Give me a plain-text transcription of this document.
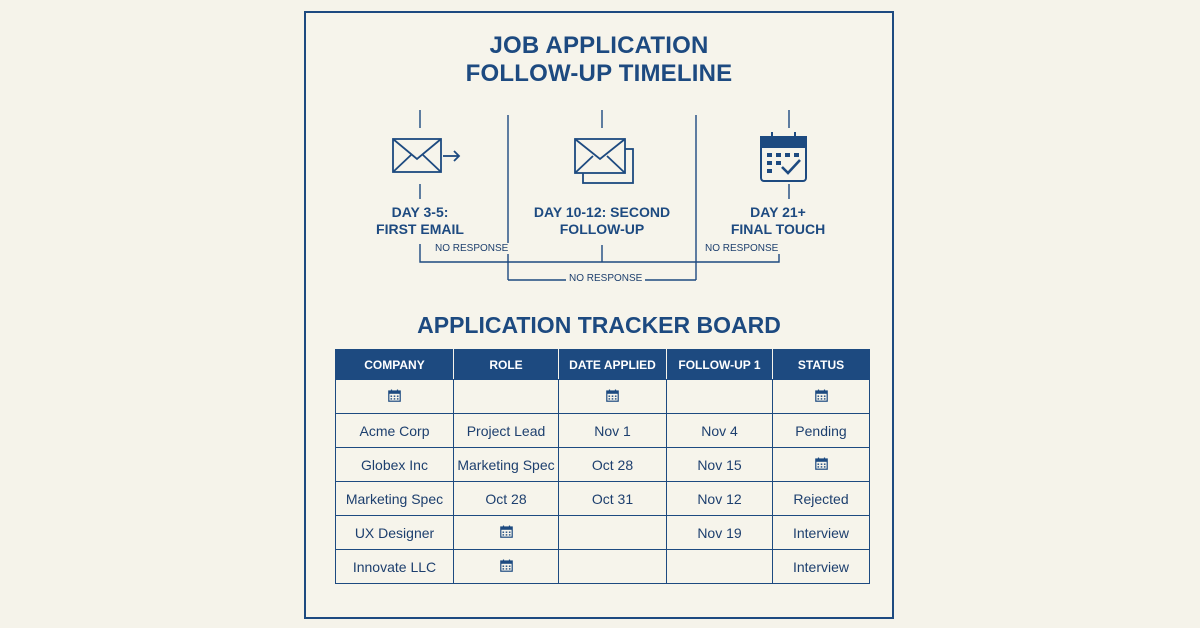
JOB APPLICATION
FOLLOW-UP TIMELINE
DAY 3-5:
FIRST EMAIL
DAY 10-12: SECOND
FOLLOW-UP
DAY 21+
FINAL TOUCH
NO RESPONSE	NO RESPONSE
NO RESPONSE
APPLICATION TRACKER BOARD
COMPANY	ROLE	DATE APPLIED	FOLLOW-UP 1	STATUS

Acme Corp	Project Lead	Nov 1	Nov 4	Pending
Globex Inc	Marketing Spec	Oct 28	Nov 15	
Marketing Spec	Oct 28	Oct 31	Nov 12	Rejected
UX Designer			Nov 19	Interview
Innovate LLC				Interview
